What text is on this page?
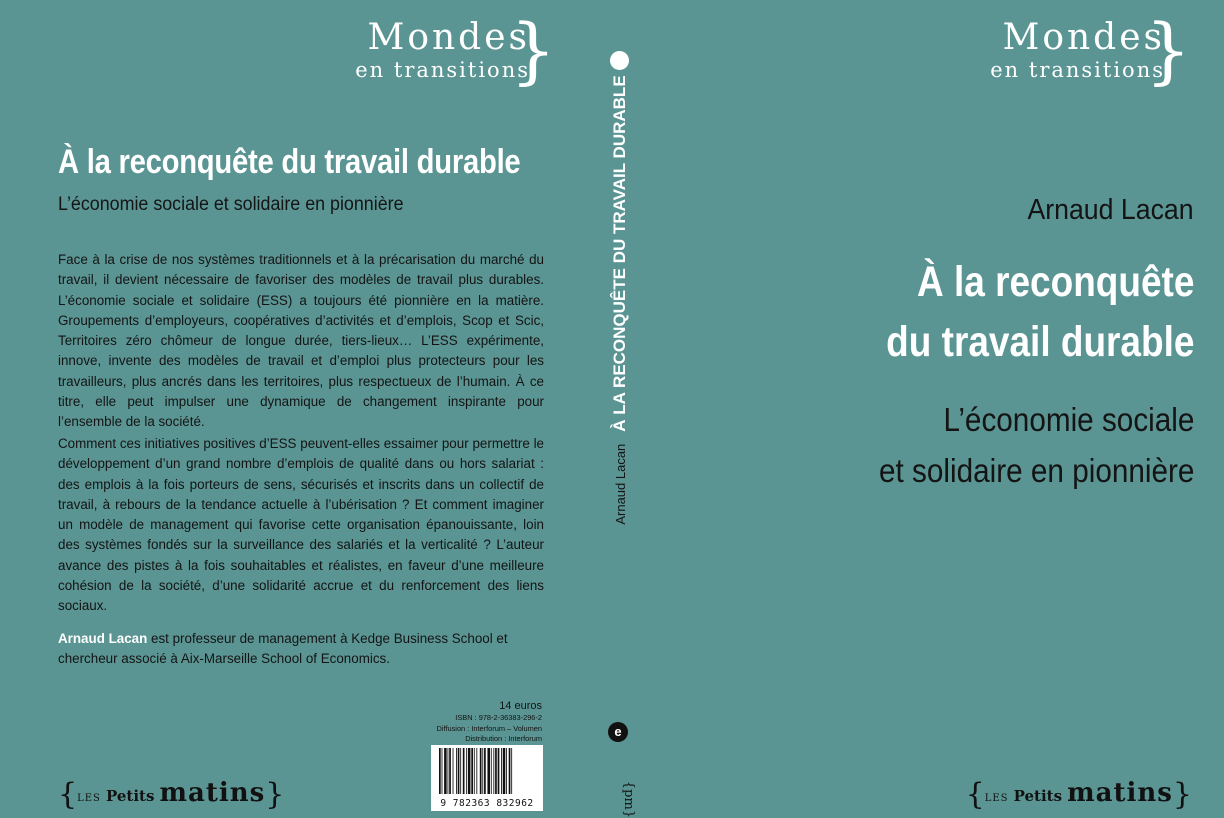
Mondes
en transitions
}
À la reconquête du travail durable
L’économie sociale et solidaire en pionnière

Face à la crise de nos systèmes traditionnels et à la précarisation du marché du travail, il devient nécessaire de favoriser des modèles de travail plus durables. L’économie sociale et solidaire (ESS) a toujours été pionnière en la matière. Groupements d’employeurs, coopératives d’activités et d’emplois, Scop et Scic, Territoires zéro chômeur de longue durée, tiers-lieux… L’ESS expérimente, innove, invente des modèles de travail et d’emploi plus protecteurs pour les travailleurs, plus ancrés dans les territoires, plus respectueux de l’humain. À ce titre, elle peut impulser une dynamique de changement inspirante pour l’ensemble de la société.

Comment ces initiatives positives d’ESS peuvent-elles essaimer pour permettre le développement d’un grand nombre d’emplois de qualité dans ou hors salariat : des emplois à la fois porteurs de sens, sécurisés et inscrits dans un collectif de travail, à rebours de la tendance actuelle à l’ubérisation ? Et comment imaginer un modèle de management qui favorise cette organisation épanouissante, loin des systèmes fondés sur la surveillance des salariés et la verticalité ? L’auteur avance des pistes à la fois souhaitables et réalistes, en faveur d’une meilleure cohésion de la société, d’une solidarité accrue et du renforcement des liens sociaux.

Arnaud Lacan est professeur de management à Kedge Business School et chercheur associé à Aix-Marseille School of Economics.

14 euros
ISBN : 978-2-36383-296-2
Diffusion : Interforum – Volumen
Distribution : Interforum
9 782363 832962
{LES Petits matins}
Arnaud LacanÀ LA RECONQUÊTE DU TRAVAIL DURABLE
e
{pm}
Mondes
en transitions
}
Arnaud Lacan
À la reconquête
du travail durable
L’économie sociale
et solidaire en pionnière
{LES Petits matins}
